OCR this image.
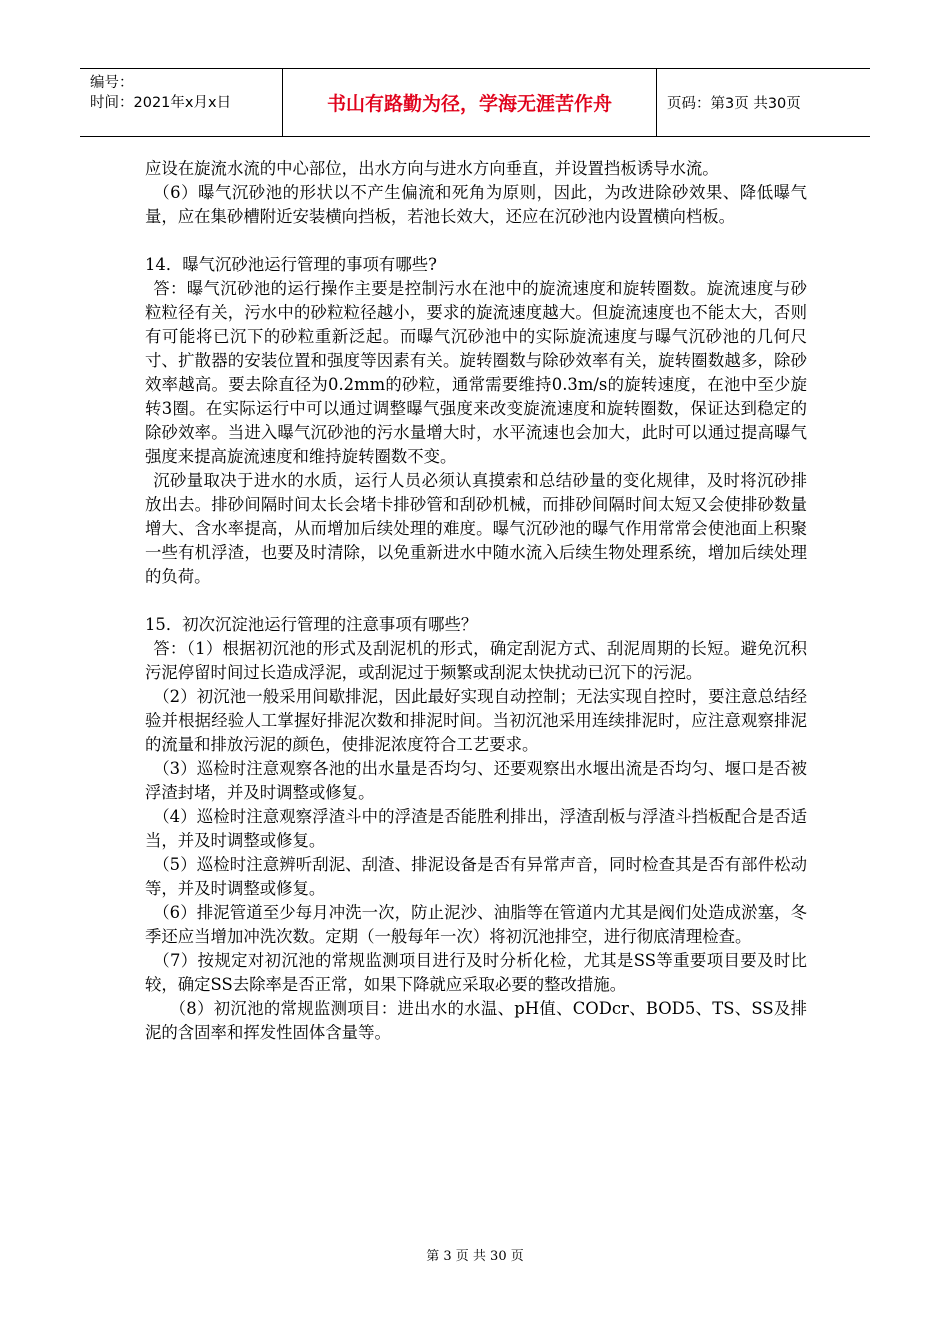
编号：
时间：2021年x月x日	书山有路勤为径，学海无涯苦作舟	页码：第3页 共30页

应设在旋流水流的中心部位，出水方向与进水方向垂直，并设置挡板诱导水流。

（6）曝气沉砂池的形状以不产生偏流和死角为原则，因此，为改进除砂效果、降低曝气量，应在集砂槽附近安装横向挡板，若池长效大，还应在沉砂池内设置横向档板。

14．曝气沉砂池运行管理的事项有哪些?

答：曝气沉砂池的运行操作主要是控制污水在池中的旋流速度和旋转圈数。旋流速度与砂粒粒径有关，污水中的砂粒粒径越小，要求的旋流速度越大。但旋流速度也不能太大，否则有可能将已沉下的砂粒重新泛起。而曝气沉砂池中的实际旋流速度与曝气沉砂池的几何尺寸、扩散器的安装位置和强度等因素有关。旋转圈数与除砂效率有关，旋转圈数越多，除砂效率越高。要去除直径为0.2mm的砂粒，通常需要维持0.3m/s的旋转速度，在池中至少旋转3圈。在实际运行中可以通过调整曝气强度来改变旋流速度和旋转圈数，保证达到稳定的除砂效率。当进入曝气沉砂池的污水量增大时，水平流速也会加大，此时可以通过提高曝气强度来提高旋流速度和维持旋转圈数不变。

沉砂量取决于进水的水质，运行人员必须认真摸索和总结砂量的变化规律，及时将沉砂排放出去。排砂间隔时间太长会堵卡排砂管和刮砂机械，而排砂间隔时间太短又会使排砂数量增大、含水率提高，从而增加后续处理的难度。曝气沉砂池的曝气作用常常会使池面上积聚一些有机浮渣，也要及时清除，以免重新进水中随水流入后续生物处理系统，增加后续处理的负荷。

15．初次沉淀池运行管理的注意事项有哪些？

答：（1）根据初沉池的形式及刮泥机的形式，确定刮泥方式、刮泥周期的长短。避免沉积污泥停留时间过长造成浮泥，或刮泥过于频繁或刮泥太快扰动已沉下的污泥。

（2）初沉池一般采用间歇排泥，因此最好实现自动控制；无法实现自控时，要注意总结经验并根据经验人工掌握好排泥次数和排泥时间。当初沉池采用连续排泥时，应注意观察排泥的流量和排放污泥的颜色，使排泥浓度符合工艺要求。

（3）巡检时注意观察各池的出水量是否均匀、还要观察出水堰出流是否均匀、堰口是否被浮渣封堵，并及时调整或修复。

（4）巡检时注意观察浮渣斗中的浮渣是否能胜利排出，浮渣刮板与浮渣斗挡板配合是否适当，并及时调整或修复。

（5）巡检时注意辨听刮泥、刮渣、排泥设备是否有异常声音，同时检查其是否有部件松动等，并及时调整或修复。

（6）排泥管道至少每月冲洗一次，防止泥沙、油脂等在管道内尤其是阀们处造成淤塞，冬季还应当增加冲洗次数。定期（一般每年一次）将初沉池排空，进行彻底清理检查。

（7）按规定对初沉池的常规监测项目进行及时分析化检，尤其是SS等重要项目要及时比较，确定SS去除率是否正常，如果下降就应采取必要的整改措施。

（8）初沉池的常规监测项目：进出水的水温、pH值、CODcr、BOD5、TS、SS及排泥的含固率和挥发性固体含量等。

第 3 页 共 30 页
